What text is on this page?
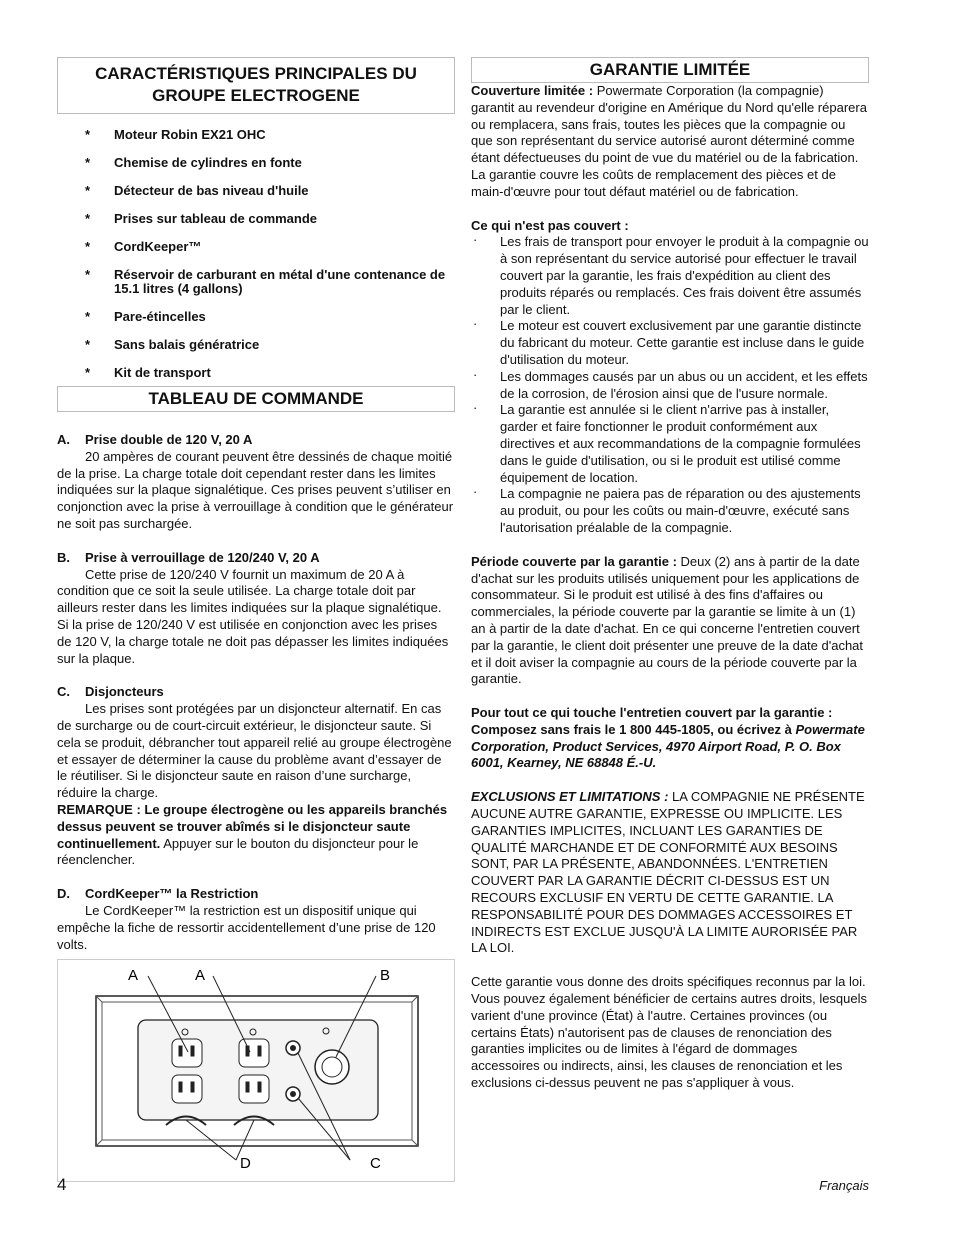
CARACTÉRISTIQUES PRINCIPALES DU GROUPE ELECTROGENE
* Moteur Robin EX21 OHC
* Chemise de cylindres en fonte
* Détecteur de bas niveau d'huile
* Prises sur tableau de commande
* CordKeeper™
* Réservoir de carburant en métal d'une contenance de 15.1 litres (4 gallons)
* Pare-étincelles
* Sans balais génératrice
* Kit de transport
TABLEAU DE COMMANDE
A.	Prise double de 120 V, 20 A

20 ampères de courant peuvent être dessinés de chaque moitié de la prise. La charge totale doit cependant rester dans les limites indiquées sur la plaque signalétique. Ces prises peuvent s’utiliser en conjonction avec la prise à verrouillage à condition que le générateur ne soit pas surchargée.

B.	Prise à verrouillage de 120/240 V, 20 A

Cette prise de 120/240 V fournit un maximum de 20 A à condition que ce soit la seule utilisée. La charge totale doit par ailleurs rester dans les limites indiquées sur la plaque signalétique. Si la prise de 120/240 V est utilisée en conjonction avec les prises de 120 V, la charge totale ne doit pas dépasser les limites indiquées sur la plaque.

C.	Disjoncteurs

Les prises sont protégées par un disjoncteur alternatif. En cas de surcharge ou de court-circuit extérieur, le disjoncteur saute. Si cela se produit, débrancher tout appareil relié au groupe électrogène et essayer de déterminer la cause du problème avant d’essayer de le réutiliser. Si le disjoncteur saute en raison d’une surcharge, réduire la charge.

REMARQUE : Le groupe électrogène ou les appareils branchés dessus peuvent se trouver abîmés si le disjoncteur saute continuellement. Appuyer sur le bouton du disjoncteur pour le réenclencher.

D.	CordKeeper™ la Restriction

Le CordKeeper™ la restriction est un dispositif unique qui empêche la fiche de ressortir accidentellement d’une prise de 120 volts.

A	A	B
D	C
GARANTIE LIMITÉE

Couverture limitée : Powermate Corporation (la compagnie) garantit au revendeur d'origine en Amérique du Nord qu'elle réparera ou remplacera, sans frais, toutes les pièces que la compagnie ou que son représentant du service autorisé auront déterminé comme étant défectueuses du point de vue du matériel ou de la fabrication. La garantie couvre les coûts de remplacement des pièces et de main-d'œuvre pour tout défaut matériel ou de fabrication.

Ce qui n'est pas couvert :

· Les frais de transport pour envoyer le produit à la compagnie ou à son représentant du service autorisé pour effectuer le travail couvert par la garantie, les frais d'expédition au client des produits réparés ou remplacés. Ces frais doivent être assumés par le client.
· Le moteur est couvert exclusivement par une garantie distincte du fabricant du moteur. Cette garantie est incluse dans le guide d'utilisation du moteur.
· Les dommages causés par un abus ou un accident, et les effets de la corrosion, de l'érosion ainsi que de l'usure normale.
· La garantie est annulée si le client n'arrive pas à installer, garder et faire fonctionner le produit conformément aux directives et aux recommandations de la compagnie formulées dans le guide d'utilisation, ou si le produit est utilisé comme équipement de location.
· La compagnie ne paiera pas de réparation ou des ajustements au produit, ou pour les coûts ou main-d'œuvre, exécuté sans l'autorisation préalable de la compagnie.

Période couverte par la garantie : Deux (2) ans à partir de la date d'achat sur les produits utilisés uniquement pour les applications de consommateur. Si le produit est utilisé à des fins d'affaires ou commerciales, la période couverte par la garantie se limite à un (1) an à partir de la date d'achat. En ce qui concerne l'entretien couvert par la garantie, le client doit présenter une preuve de la date d'achat et il doit aviser la compagnie au cours de la période couverte par la garantie.

Pour tout ce qui touche l'entretien couvert par la garantie : Composez sans frais le 1 800 445-1805, ou écrivez à Powermate Corporation, Product Services, 4970 Airport Road, P. O. Box 6001, Kearney, NE 68848 É.-U.

EXCLUSIONS ET LIMITATIONS : LA COMPAGNIE NE PRÉSENTE AUCUNE AUTRE GARANTIE, EXPRESSE OU IMPLICITE. LES GARANTIES IMPLICITES, INCLUANT LES GARANTIES DE QUALITÉ MARCHANDE ET DE CONFORMITÉ AUX BESOINS SONT, PAR LA PRÉSENTE, ABANDONNÉES. L'ENTRETIEN COUVERT PAR LA GARANTIE DÉCRIT CI-DESSUS EST UN RECOURS EXCLUSIF EN VERTU DE CETTE GARANTIE. LA RESPONSABILITÉ POUR DES DOMMAGES ACCESSOIRES ET INDIRECTS EST EXCLUE JUSQU'À LA LIMITE AURORISÉE PAR LA LOI.

Cette garantie vous donne des droits spécifiques reconnus par la loi. Vous pouvez également bénéficier de certains autres droits, lesquels varient d'une province (État) à l'autre. Certaines provinces (ou certains États) n'autorisent pas de clauses de renonciation des garanties implicites ou de limites à l'égard de dommages accessoires ou indirects, ainsi, les clauses de renonciation et les exclusions ci-dessus peuvent ne pas s'appliquer à vous.

4	Français
